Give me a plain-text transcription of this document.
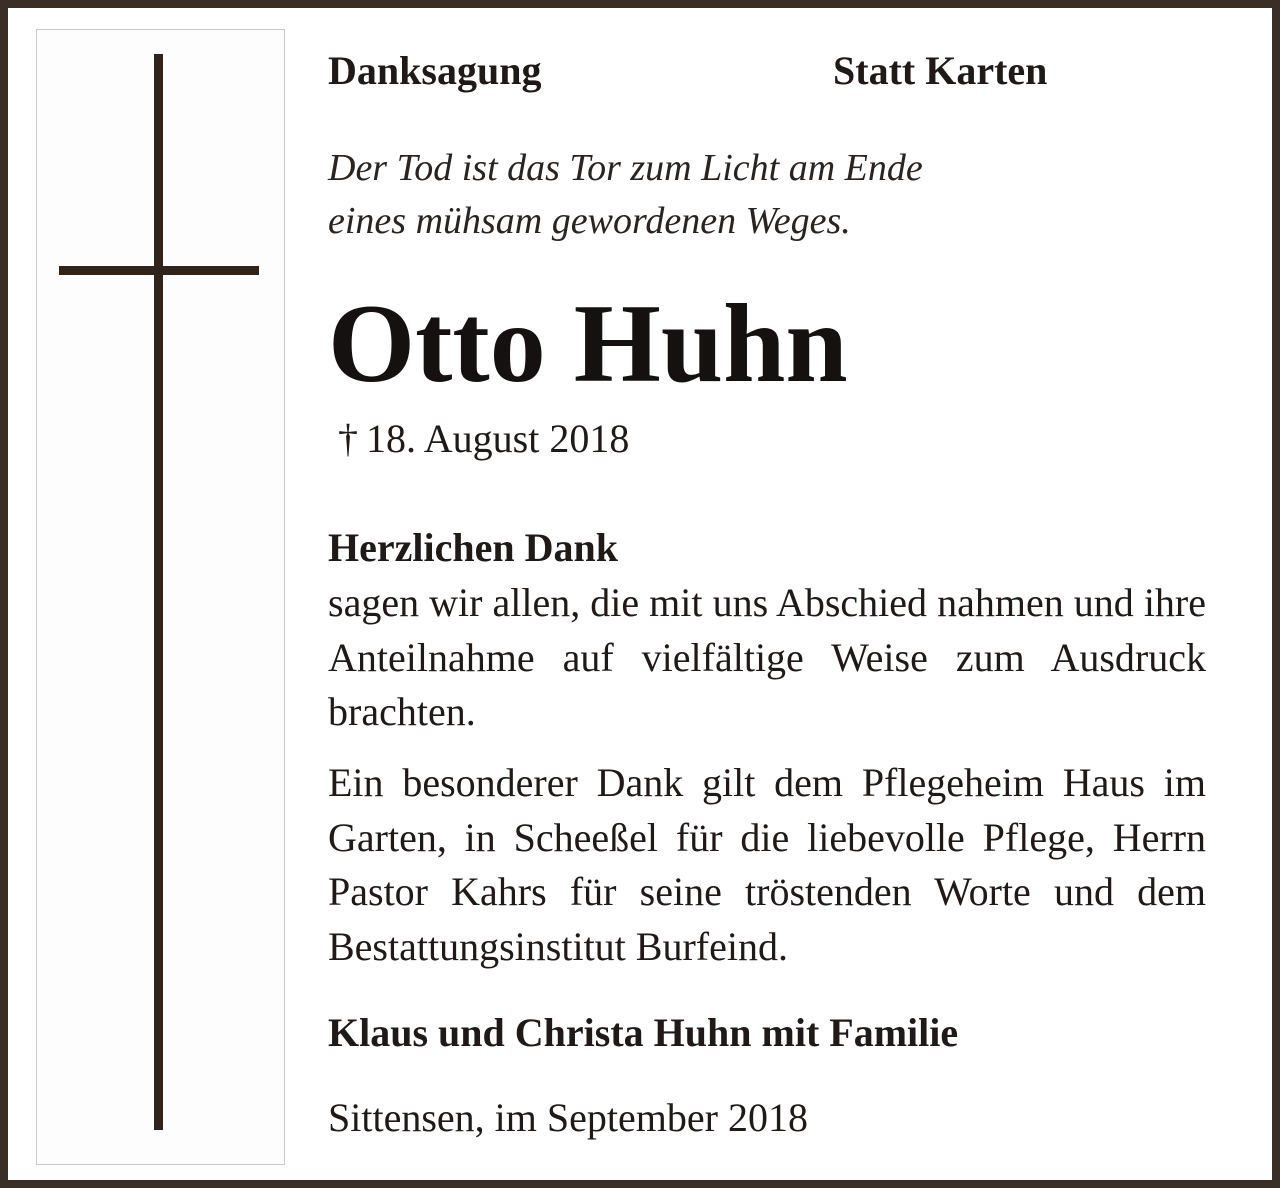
Danksagung	Statt Karten
Der Tod ist das Tor zum Licht am Ende
eines mühsam gewordenen Weges.
Otto Huhn
† 18. August 2018
Herzlichen Dank
sagen wir allen, die mit uns Abschied nahmen und ihre Anteilnahme auf vielfältige Weise zum Ausdruck brachten.
Ein besonderer Dank gilt dem Pflegeheim Haus im Garten, in Scheeßel für die liebevolle Pflege, Herrn Pastor Kahrs für seine tröstenden Worte und dem Bestattungsinstitut Burfeind.
Klaus und Christa Huhn mit Familie
Sittensen, im September 2018
